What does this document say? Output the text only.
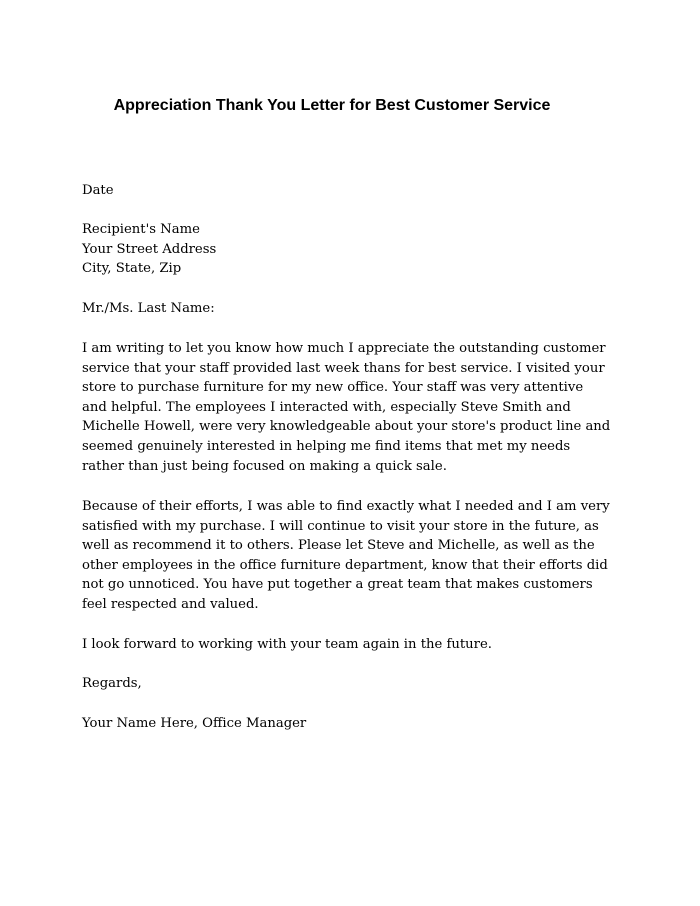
Appreciation Thank You Letter for Best Customer Service
Date
Recipient's Name
Your Street Address
City, State, Zip
Mr./Ms. Last Name:
I am writing to let you know how much I appreciate the outstanding customer
service that your staff provided last week thans for best service. I visited your
store to purchase furniture for my new office. Your staff was very attentive
and helpful. The employees I interacted with, especially Steve Smith and
Michelle Howell, were very knowledgeable about your store's product line and
seemed genuinely interested in helping me find items that met my needs
rather than just being focused on making a quick sale.
Because of their efforts, I was able to find exactly what I needed and I am very
satisfied with my purchase. I will continue to visit your store in the future, as
well as recommend it to others. Please let Steve and Michelle, as well as the
other employees in the office furniture department, know that their efforts did
not go unnoticed. You have put together a great team that makes customers
feel respected and valued.
I look forward to working with your team again in the future.
Regards,
Your Name Here, Office Manager
